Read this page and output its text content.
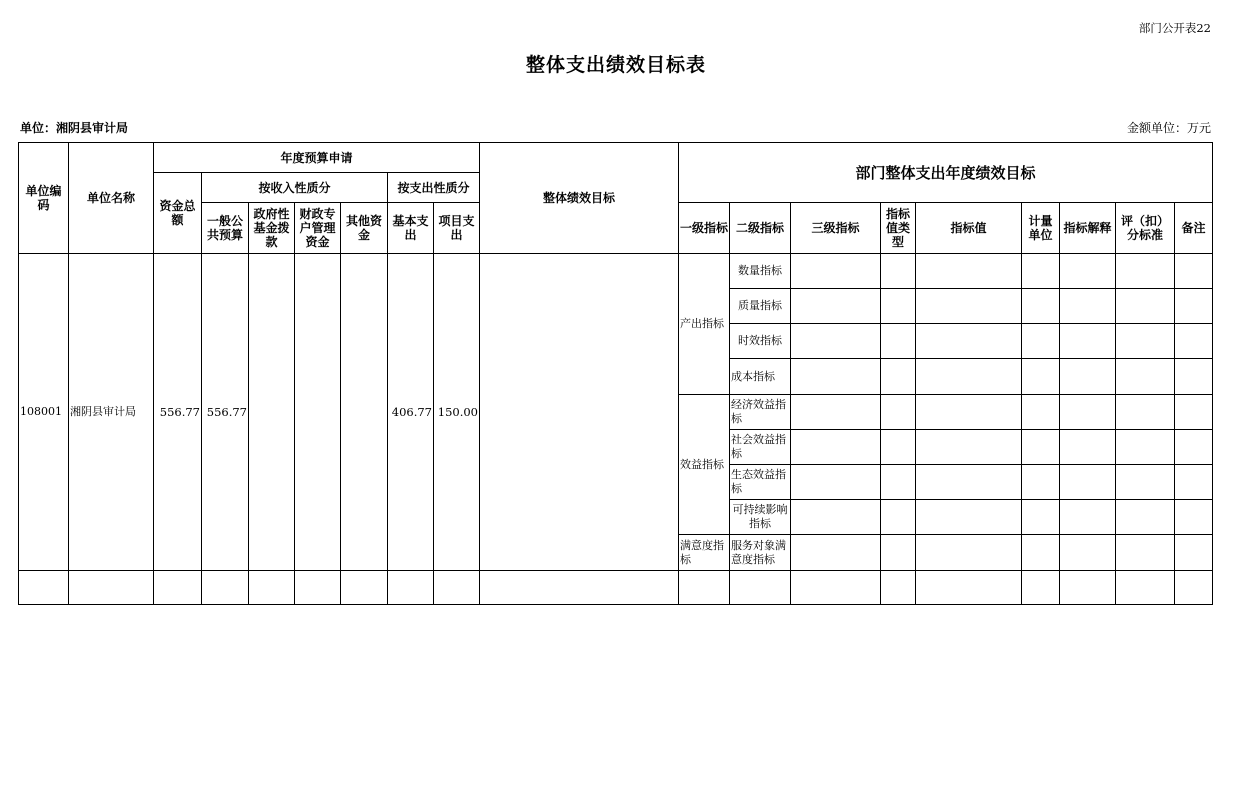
部门公开表22
整体支出绩效目标表
单位：湘阴县审计局	金额单位：万元
单位编码	单位名称	年度预算申请							整体绩效目标	部门整体支出年度绩效目标								
		资金总额	按收入性质分				按支出性质分											
			一般公共预算	政府性基金拨款	财政专户管理资金	其他资金	基本支出	项目支出		一级指标	二级指标	三级指标	指标值类型	指标值	计量单位	指标解释	评（扣）分标准	备注
108001	湘阴县审计局	556.77	556.77				406.77	150.00		产出指标	数量指标							
											质量指标							
											时效指标							
											成本指标							
										效益指标	经济效益指标							
											社会效益指标							
											生态效益指标							
											可持续影响指标							
										满意度指标	服务对象满意度指标							
